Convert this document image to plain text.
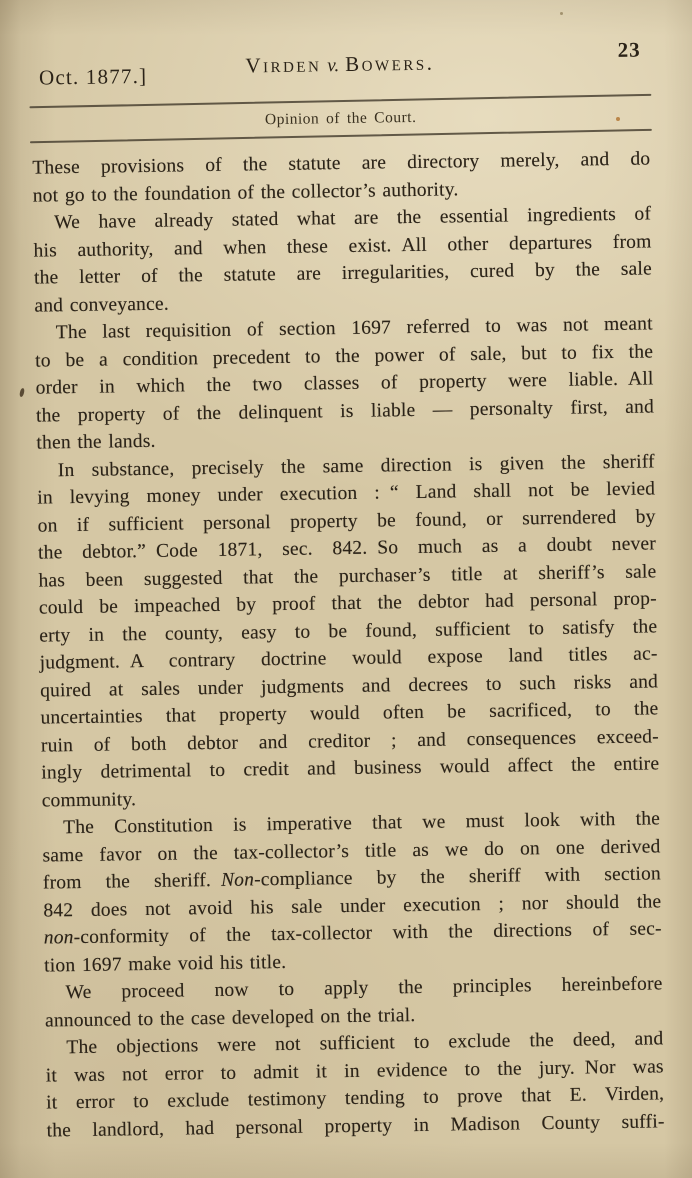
Oct. 1877.]	Virden v. Bowers.
23
Opinion of the Court.
These provisions of the statute are directory merely, and do
not go to the foundation of the collector’s authority.
We have already stated what are the essential ingredients of
his authority, and when these exist. All other departures from
the letter of the statute are irregularities, cured by the sale
and conveyance.
The last requisition of section 1697 referred to was not meant
to be a condition precedent to the power of sale, but to fix the
order in which the two classes of property were liable. All
the property of the delinquent is liable — personalty first, and
then the lands.
In substance, precisely the same direction is given the sheriff
in levying money under execution : “ Land shall not be levied
on if sufficient personal property be found, or surrendered by
the debtor.” Code 1871, sec. 842. So much as a doubt never
has been suggested that the purchaser’s title at sheriff’s sale
could be impeached by proof that the debtor had personal prop-
erty in the county, easy to be found, sufficient to satisfy the
judgment. A contrary doctrine would expose land titles ac-
quired at sales under judgments and decrees to such risks and
uncertainties that property would often be sacrificed, to the
ruin of both debtor and creditor ; and consequences exceed-
ingly detrimental to credit and business would affect the entire
community.
The Constitution is imperative that we must look with the
same favor on the tax-collector’s title as we do on one derived
from the sheriff. Non-compliance by the sheriff with section
842 does not avoid his sale under execution ; nor should the
non-conformity of the tax-collector with the directions of sec-
tion 1697 make void his title.
We proceed now to apply the principles hereinbefore
announced to the case developed on the trial.
The objections were not sufficient to exclude the deed, and
it was not error to admit it in evidence to the jury. Nor was
it error to exclude testimony tending to prove that E. Virden,
the landlord, had personal property in Madison County suffi-
